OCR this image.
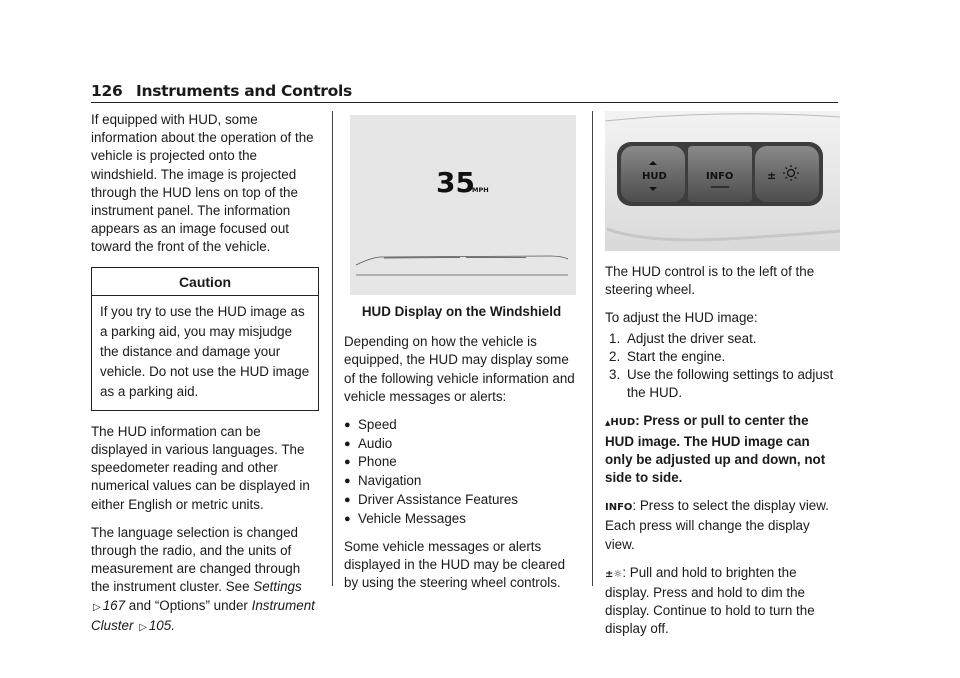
126 Instruments and Controls

If equipped with HUD, some information about the operation of the vehicle is projected onto the windshield. The image is projected through the HUD lens on top of the instrument panel. The information appears as an image focused out toward the front of the vehicle.

Caution
If you try to use the HUD image as a parking aid, you may misjudge the distance and damage your vehicle. Do not use the HUD image as a parking aid.

The HUD information can be displayed in various languages. The speedometer reading and other numerical values can be displayed in either English or metric units.

The language selection is changed through the radio, and the units of measurement are changed through the instrument cluster. See Settings ▷ 167 and “Options” under Instrument Cluster ▷ 105.

35
MPH
HUD Display on the Windshield

Depending on how the vehicle is equipped, the HUD may display some of the following vehicle information and vehicle messages or alerts:

● Speed
● Audio
● Phone
● Navigation
● Driver Assistance Features
● Vehicle Messages

Some vehicle messages or alerts displayed in the HUD may be cleared by using the steering wheel controls.

HUD	INFO	±

The HUD control is to the left of the steering wheel.

To adjust the HUD image:

1. Adjust the driver seat.
2. Start the engine.
3. Use the following settings to adjust the HUD.

▲HUD: Press or pull to center the HUD image. The HUD image can only be adjusted up and down, not side to side.

INFO: Press to select the display view. Each press will change the display view.

±☼: Pull and hold to brighten the display. Press and hold to dim the display. Continue to hold to turn the display off.
